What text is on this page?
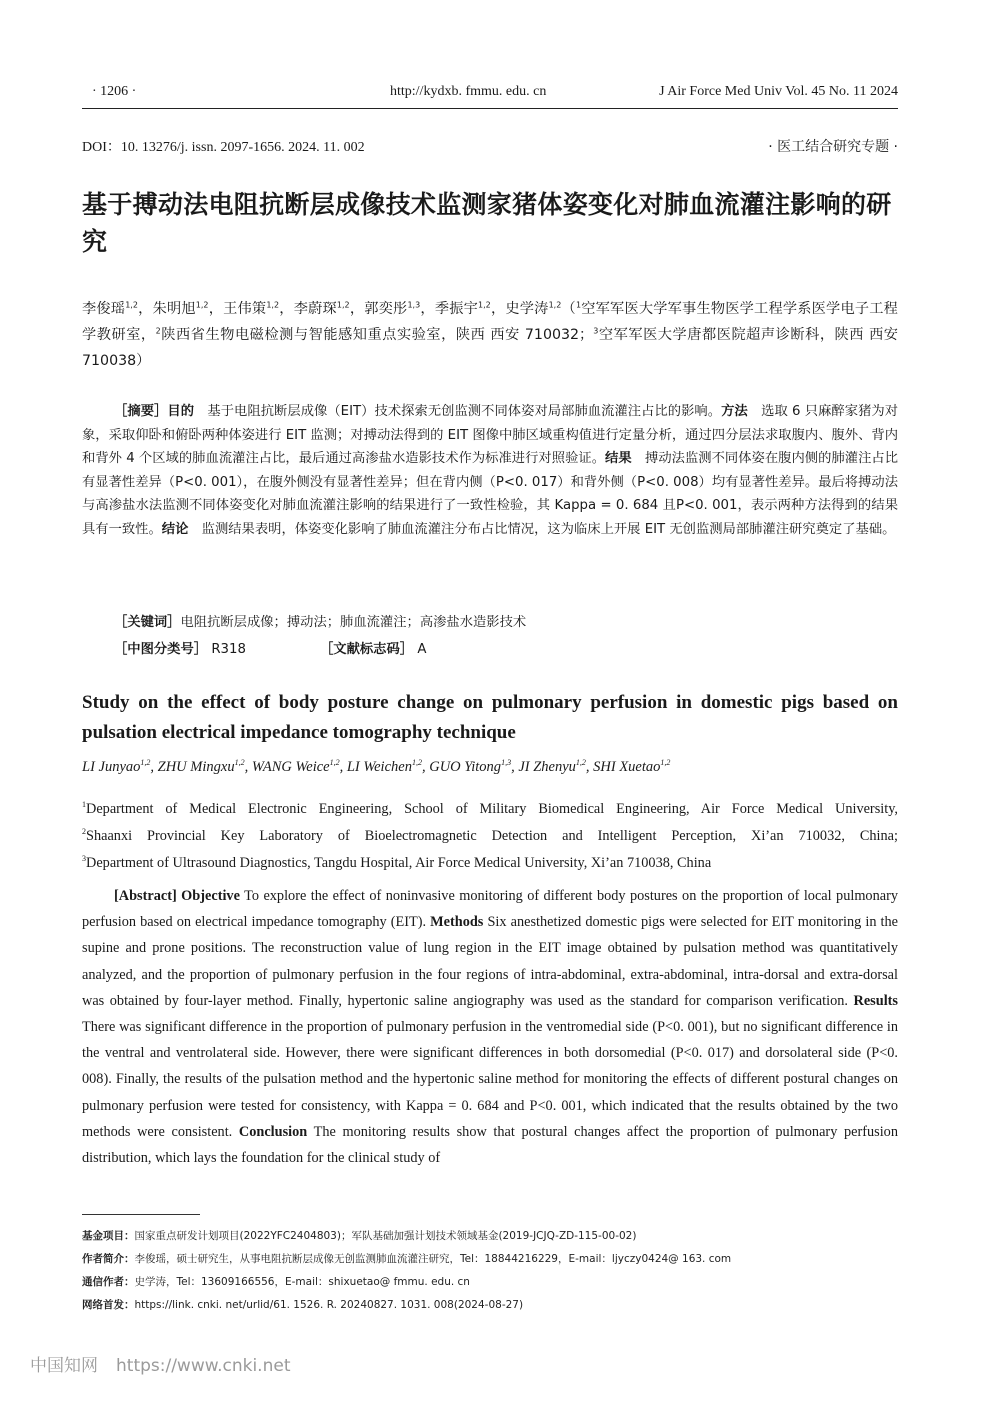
· 1206 ·	http://kydxb. fmmu. edu. cn	J Air Force Med Univ Vol. 45 No. 11 2024
DOI：10. 13276/j. issn. 2097-1656. 2024. 11. 002	· 医工结合研究专题 ·
基于搏动法电阻抗断层成像技术监测家猪体姿变化对肺血流灌注影响的研究
李俊瑶$^{1,2}$，朱明旭$^{1,2}$，王伟策$^{1,2}$，李蔚琛$^{1,2}$，郭奕彤$^{1,3}$，季振宇$^{1,2}$，史学涛$^{1,2}$（$^1$空军军医大学军事生物医学工程学系医学电子工程学教研室，$^2$陕西省生物电磁检测与智能感知重点实验室，陕西 西安 710032；$^3$空军军医大学唐都医院超声诊断科，陕西 西安 710038）
［摘要］目的　 基于电阻抗断层成像（EIT）技术探索无创监测不同体姿对局部肺血流灌注占比的影响。方法　 选取 6 只麻醉家猪为对象，采取仰卧和俯卧两种体姿进行 EIT 监测；对搏动法得到的 EIT 图像中肺区域重构值进行定量分析，通过四分层法求取腹内、腹外、背内和背外 4 个区域的肺血流灌注占比，最后通过高渗盐水造影技术作为标准进行对照验证。结果　 搏动法监测不同体姿在腹内侧的肺灌注占比有显著性差异（P<0. 001），在腹外侧没有显著性差异；但在背内侧（P<0. 017）和背外侧（P<0. 008）均有显著性差异。最后将搏动法与高渗盐水法监测不同体姿变化对肺血流灌注影响的结果进行了一致性检验，其 Kappa = 0. 684 且P<0. 001，表示两种方法得到的结果具有一致性。结论　 监测结果表明，体姿变化影响了肺血流灌注分布占比情况，这为临床上开展 EIT 无创监测局部肺灌注研究奠定了基础。
［关键词］电阻抗断层成像；搏动法；肺血流灌注；高渗盐水造影技术
［中图分类号］ R318	［文献标志码］ A
Study on the effect of body posture change on pulmonary perfusion in domestic pigs based on pulsation electrical impedance tomography technique
LI Junyao$^{1,2}$, ZHU Mingxu$^{1,2}$, WANG Weice$^{1,2}$, LI Weichen$^{1,2}$, GUO Yitong$^{1,3}$, JI Zhenyu$^{1,2}$, SHI Xuetao$^{1,2}$
$^1$Department of Medical Electronic Engineering, School of Military Biomedical Engineering, Air Force Medical University,
$^2$Shaanxi Provincial Key Laboratory of Bioelectromagnetic Detection and Intelligent Perception, Xi’an 710032, China;
$^3$Department of Ultrasound Diagnostics, Tangdu Hospital, Air Force Medical University, Xi’an 710038, China
[Abstract] Objective To explore the effect of noninvasive monitoring of different body postures on the proportion of local pulmonary perfusion based on electrical impedance tomography (EIT). Methods Six anesthetized domestic pigs were selected for EIT monitoring in the supine and prone positions. The reconstruction value of lung region in the EIT image obtained by pulsation method was quantitatively analyzed, and the proportion of pulmonary perfusion in the four regions of intra-abdominal, extra-abdominal, intra-dorsal and extra-dorsal was obtained by four-layer method. Finally, hypertonic saline angiography was used as the standard for comparison verification. Results There was significant difference in the proportion of pulmonary perfusion in the ventromedial side (P<0. 001), but no significant difference in the ventral and ventrolateral side. However, there were significant differences in both dorsomedial (P<0. 017) and dorsolateral side (P<0. 008). Finally, the results of the pulsation method and the hypertonic saline method for monitoring the effects of different postural changes on pulmonary perfusion were tested for consistency, with Kappa = 0. 684 and P<0. 001, which indicated that the results obtained by the two methods were consistent. Conclusion The monitoring results show that postural changes affect the proportion of pulmonary perfusion distribution, which lays the foundation for the clinical study of
基金项目：国家重点研发计划项目(2022YFC2404803)；军队基础加强计划技术领域基金(2019-JCJQ-ZD-115-00-02)
作者简介：李俊瑶，硕士研究生，从事电阻抗断层成像无创监测肺血流灌注研究，Tel：18844216229，E-mail：ljyczy0424@ 163. com
通信作者：史学涛，Tel：13609166556，E-mail：shixuetao@ fmmu. edu. cn
网络首发：https://link. cnki. net/urlid/61. 1526. R. 20240827. 1031. 008(2024-08-27)
中国知网 https://www.cnki.net
